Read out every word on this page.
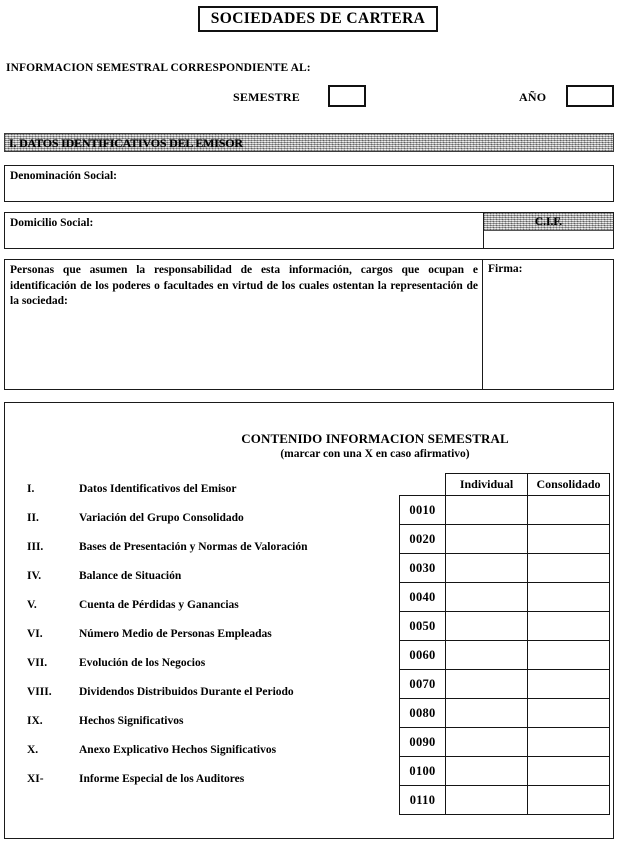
SOCIEDADES DE CARTERA
INFORMACION SEMESTRAL CORRESPONDIENTE AL:
SEMESTRE	AÑO
I. DATOS IDENTIFICATIVOS DEL EMISOR
Denominación Social:
Domicilio Social:	C.I.F.
Personas que asumen la responsabilidad de esta información, cargos que ocupan e identificación de los poderes o facultades en virtud de los cuales ostentan la representación de la sociedad:
Firma:
CONTENIDO INFORMACION SEMESTRAL
(marcar con una X en caso afirmativo)
I.	Datos Identificativos del Emisor
II.	Variación del Grupo Consolidado
III.	Bases de Presentación y Normas de Valoración
IV.	Balance de Situación
V.	Cuenta de Pérdidas y Ganancias
VI.	Número Medio de Personas Empleadas
VII.	Evolución de los Negocios
VIII.	Dividendos Distribuidos Durante el Periodo
IX.	Hechos Significativos
X.	Anexo Explicativo Hechos Significativos
XI-	Informe Especial de los Auditores
	Individual	Consolidado
0010		
0020		
0030		
0040		
0050		
0060		
0070		
0080		
0090		
0100		
0110		
